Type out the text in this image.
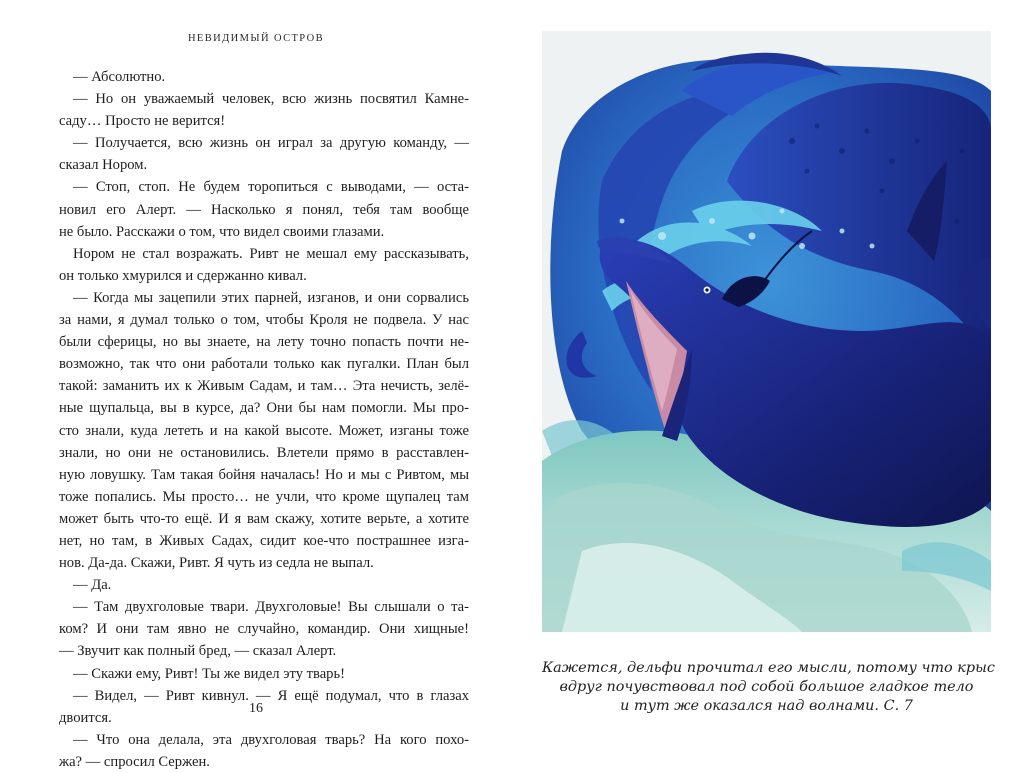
НЕВИДИМЫЙ ОСТРОВ
— Абсолютно.
— Но он уважаемый человек, всю жизнь посвятил Камне-
саду… Просто не верится!
— Получается, всю жизнь он играл за другую команду, —
сказал Нором.
— Стоп, стоп. Не будем торопиться с выводами, — оста-
новил его Алерт. — Насколько я понял, тебя там вообще
не было. Расскажи о том, что видел своими глазами.
Нором не стал возражать. Ривт не мешал ему рассказывать,
он только хмурился и сдержанно кивал.
— Когда мы зацепили этих парней, изганов, и они сорвались
за нами, я думал только о том, чтобы Кроля не подвела. У нас
были сферицы, но вы знаете, на лету точно попасть почти не-
возможно, так что они работали только как пугалки. План был
такой: заманить их к Живым Садам, и там… Эта нечисть, зелё-
ные щупальца, вы в курсе, да? Они бы нам помогли. Мы про-
сто знали, куда лететь и на какой высоте. Может, изганы тоже
знали, но они не остановились. Влетели прямо в расставлен-
ную ловушку. Там такая бойня началась! Но и мы с Ривтом, мы
тоже попались. Мы просто… не учли, что кроме щупалец там
может быть что-то ещё. И я вам скажу, хотите верьте, а хотите
нет, но там, в Живых Садах, сидит кое-что пострашнее изга-
нов. Да-да. Скажи, Ривт. Я чуть из седла не выпал.
— Да.
— Там двухголовые твари. Двухголовые! Вы слышали о та-
ком? И они там явно не случайно, командир. Они хищные!
— Звучит как полный бред, — сказал Алерт.
— Скажи ему, Ривт! Ты же видел эту тварь!
— Видел, — Ривт кивнул. — Я ещё подумал, что в глазах
двоится.
— Что она делала, эта двухголовая тварь? На кого похо-
жа? — спросил Сержен.
16
Кажется, дельфи прочитал его мысли, потому что крыс
вдруг почувствовал под собой большое гладкое тело
и тут же оказался над волнами. С. 7
